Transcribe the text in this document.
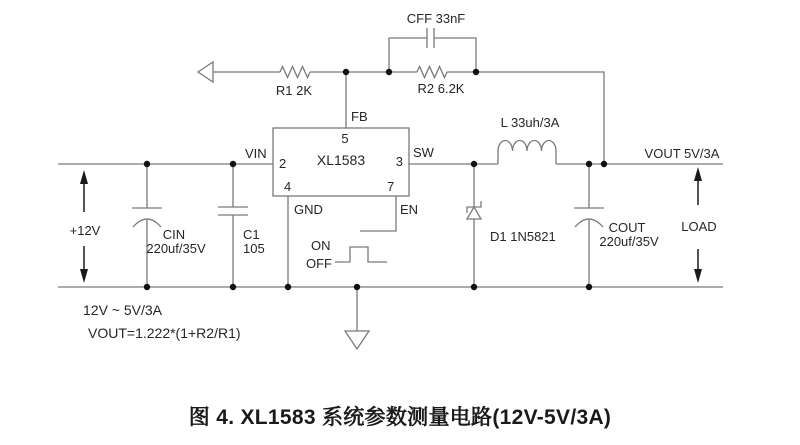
CFF 33nF
R1 2K	R2 6.2K
FB
5
VIN
2 XL1583 3
SW
4	7
GND	EN
ON
OFF
L 33uh/3A
VOUT 5V/3A
D1 1N5821
CIN
220uf/35V
C1
105
COUT
220uf/35V
LOAD
+12V
12V ~ 5V/3A
VOUT=1.222*(1+R2/R1)
图 4. XL1583 系统参数测量电路(12V-5V/3A)
